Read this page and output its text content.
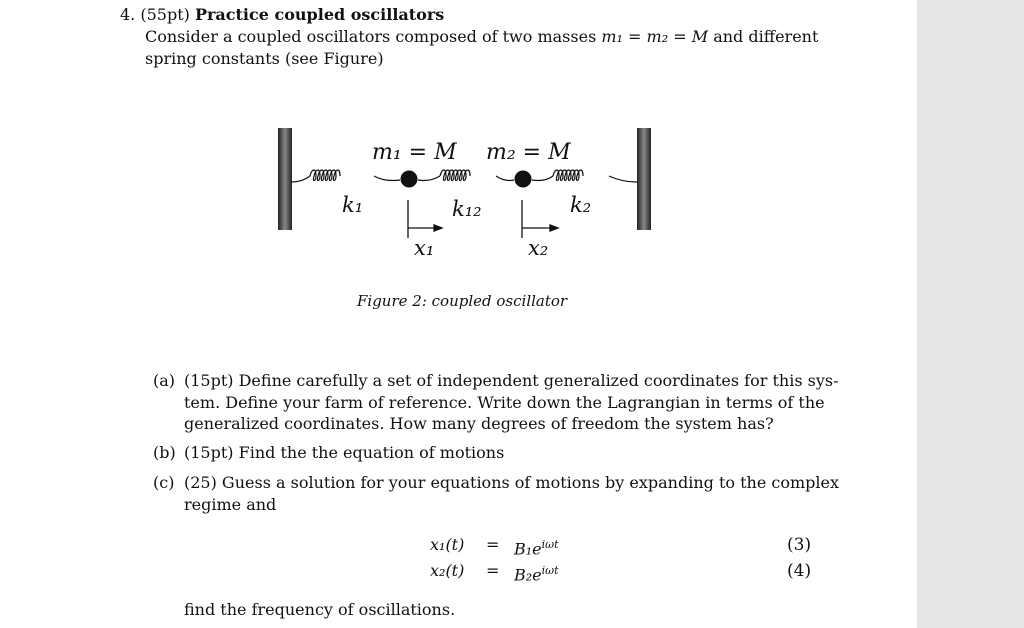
4. (55pt) Practice coupled oscillators
Consider a coupled oscillators composed of two masses m₁ = m₂ = M and different
spring constants (see Figure)
m₁ = M m₂ = M
k₁	k₁₂	k₂
x₁	x₂
Figure 2: coupled oscillator
(a) (15pt) Define carefully a set of independent generalized coordinates for this sys-
tem. Define your farm of reference. Write down the Lagrangian in terms of the
generalized coordinates. How many degrees of freedom the system has?
(b) (15pt) Find the the equation of motions
(c) (25) Guess a solution for your equations of motions by expanding to the complex
regime and
$x_1(t) = B_1e^{i\omega t}$	(3)
$x_2(t) = B_2e^{i\omega t}$	(4)
find the frequency of oscillations.
